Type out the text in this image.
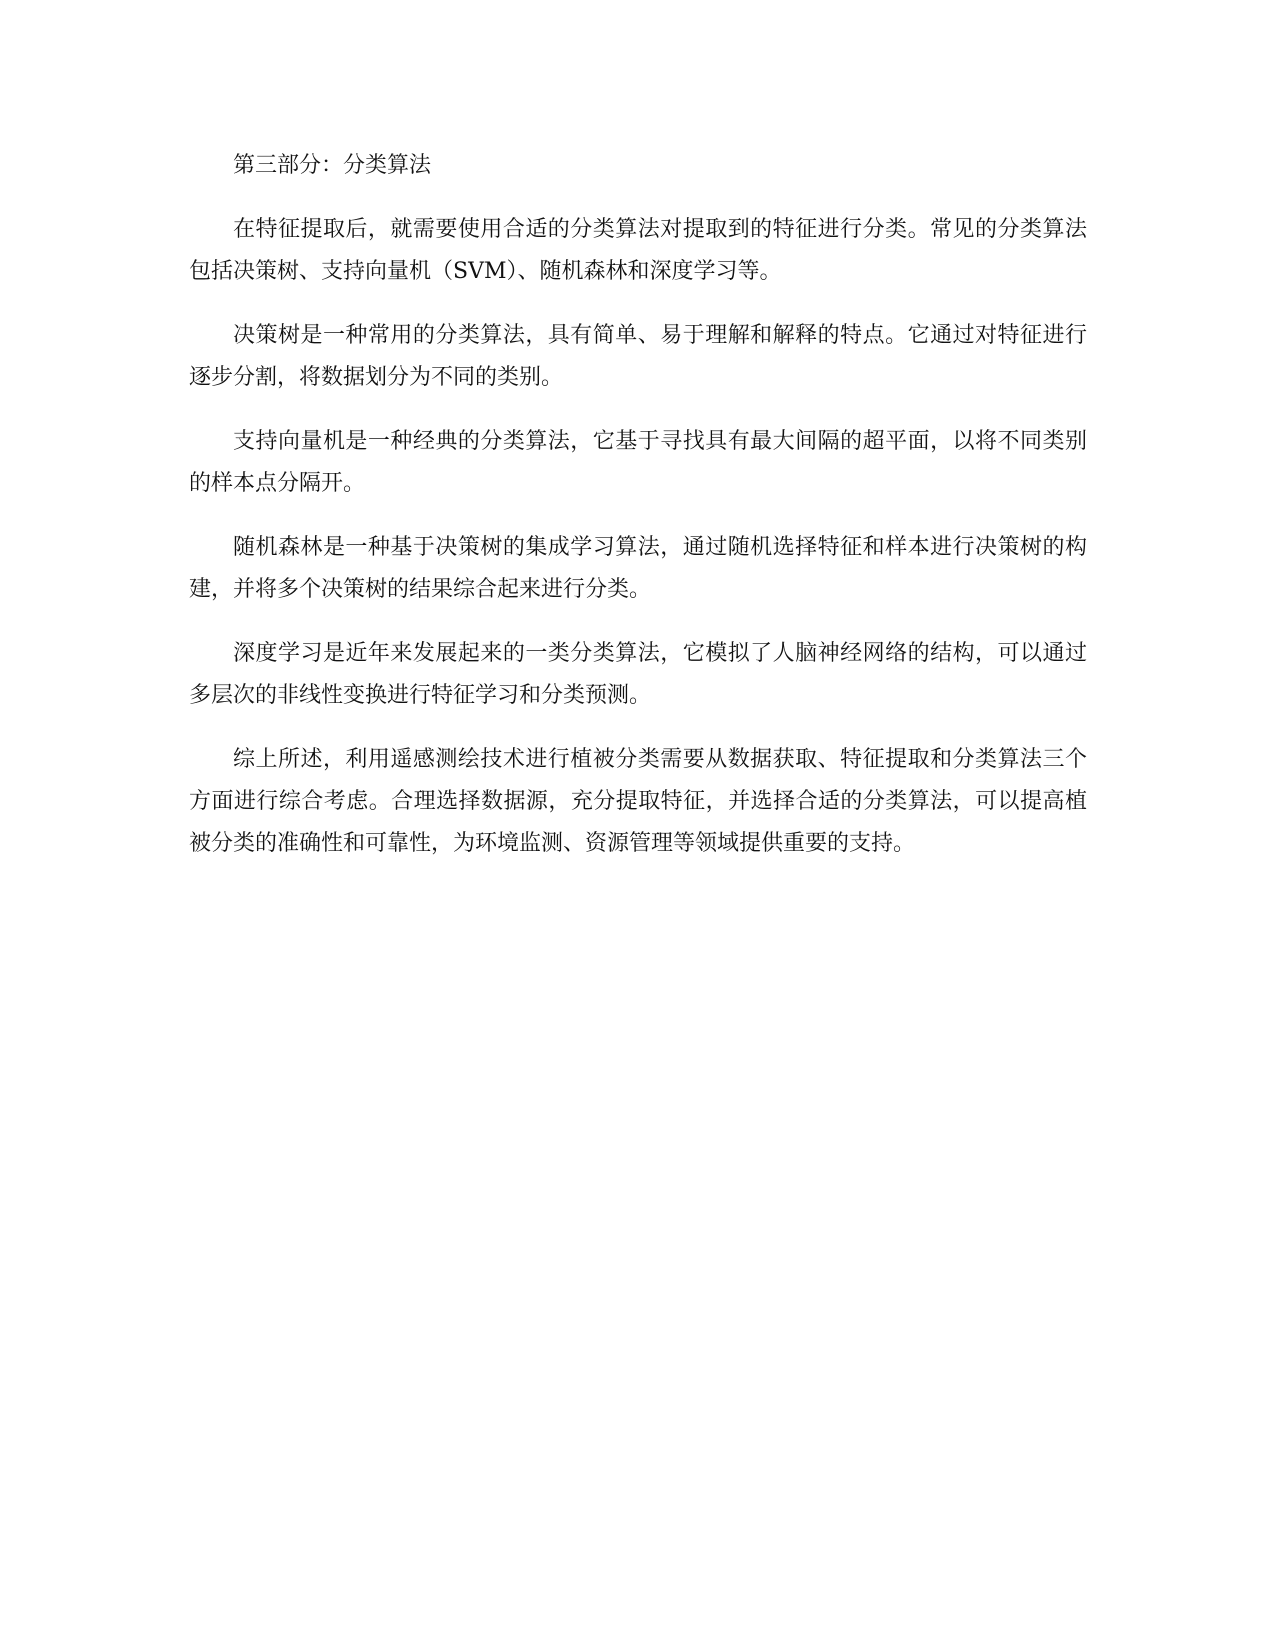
第三部分：分类算法

在特征提取后，就需要使用合适的分类算法对提取到的特征进行分类。常见的分类算法包括决策树、支持向量机（SVM）、随机森林和深度学习等。

决策树是一种常用的分类算法，具有简单、易于理解和解释的特点。它通过对特征进行逐步分割，将数据划分为不同的类别。

支持向量机是一种经典的分类算法，它基于寻找具有最大间隔的超平面，以将不同类别的样本点分隔开。

随机森林是一种基于决策树的集成学习算法，通过随机选择特征和样本进行决策树的构建，并将多个决策树的结果综合起来进行分类。

深度学习是近年来发展起来的一类分类算法，它模拟了人脑神经网络的结构，可以通过多层次的非线性变换进行特征学习和分类预测。

综上所述，利用遥感测绘技术进行植被分类需要从数据获取、特征提取和分类算法三个方面进行综合考虑。合理选择数据源，充分提取特征，并选择合适的分类算法，可以提高植被分类的准确性和可靠性，为环境监测、资源管理等领域提供重要的支持。
